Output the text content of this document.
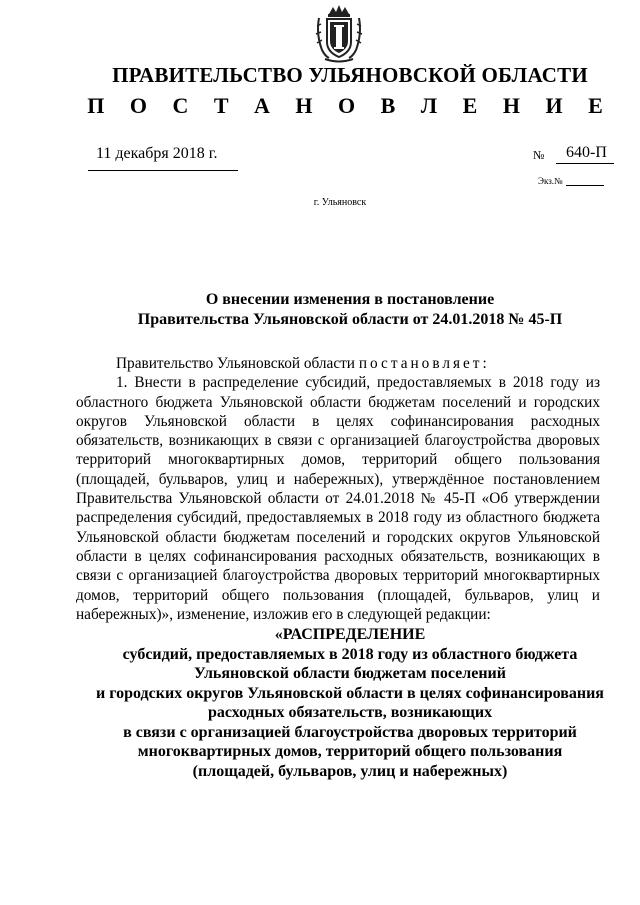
ПРАВИТЕЛЬСТВО УЛЬЯНОВСКОЙ ОБЛАСТИ
П О С Т А Н О В Л Е Н И Е
11 декабря 2018 г.	№ 640-П
Экз.№
г. Ульяновск
О внесении изменения в постановление
Правительства Ульяновской области от 24.01.2018 № 45-П

Правительство Ульяновской области постановляет:

1. Внести в распределение субсидий, предоставляемых в 2018 году из областного бюджета Ульяновской области бюджетам поселений и городских округов Ульяновской области в целях софинансирования расходных обязательств, возникающих в связи с организацией благоустройства дворовых территорий многоквартирных домов, территорий общего пользования (площадей, бульваров, улиц и набережных), утверждённое постановлением Правительства Ульяновской области от 24.01.2018 № 45-П «Об утверждении распределения субсидий, предоставляемых в 2018 году из областного бюджета Ульяновской области бюджетам поселений и городских округов Ульяновской области в целях софинансирования расходных обязательств, возникающих в связи с организацией благоустройства дворовых территорий многоквартирных домов, территорий общего пользования (площадей, бульваров, улиц и набережных)», изменение, изложив его в следующей редакции:

«РАСПРЕДЕЛЕНИЕ
субсидий, предоставляемых в 2018 году из областного бюджета
Ульяновской области бюджетам поселений
и городских округов Ульяновской области в целях софинансирования
расходных обязательств, возникающих
в связи с организацией благоустройства дворовых территорий
многоквартирных домов, территорий общего пользования
(площадей, бульваров, улиц и набережных)
